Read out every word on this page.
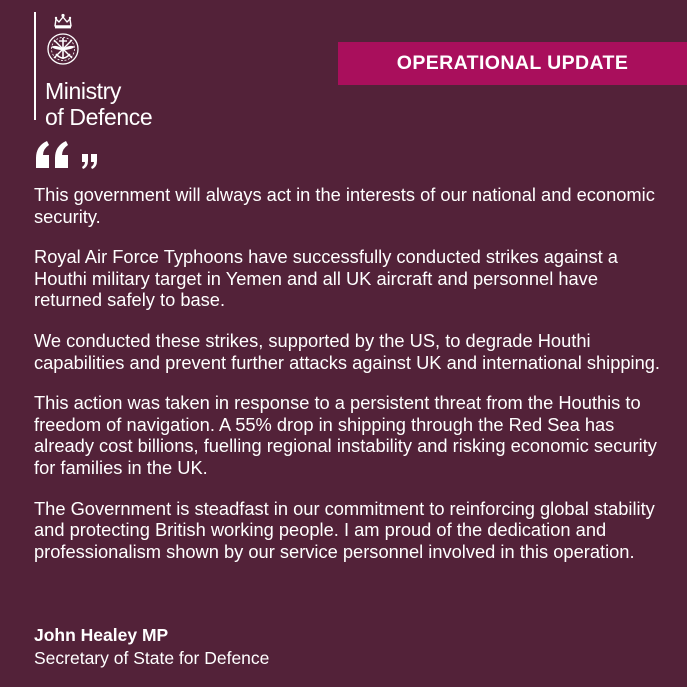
Ministry
of Defence
OPERATIONAL UPDATE

This government will always act in the interests of our national and economic security.

Royal Air Force Typhoons have successfully conducted strikes against a Houthi military target in Yemen and all UK aircraft and personnel have returned safely to base.

We conducted these strikes, supported by the US, to degrade Houthi capabilities and prevent further attacks against UK and international shipping.

This action was taken in response to a persistent threat from the Houthis to freedom of navigation. A 55% drop in shipping through the Red Sea has already cost billions, fuelling regional instability and risking economic security for families in the UK.

The Government is steadfast in our commitment to reinforcing global stability and protecting British working people. I am proud of the dedication and professionalism shown by our service personnel involved in this operation.

John Healey MP
Secretary of State for Defence
